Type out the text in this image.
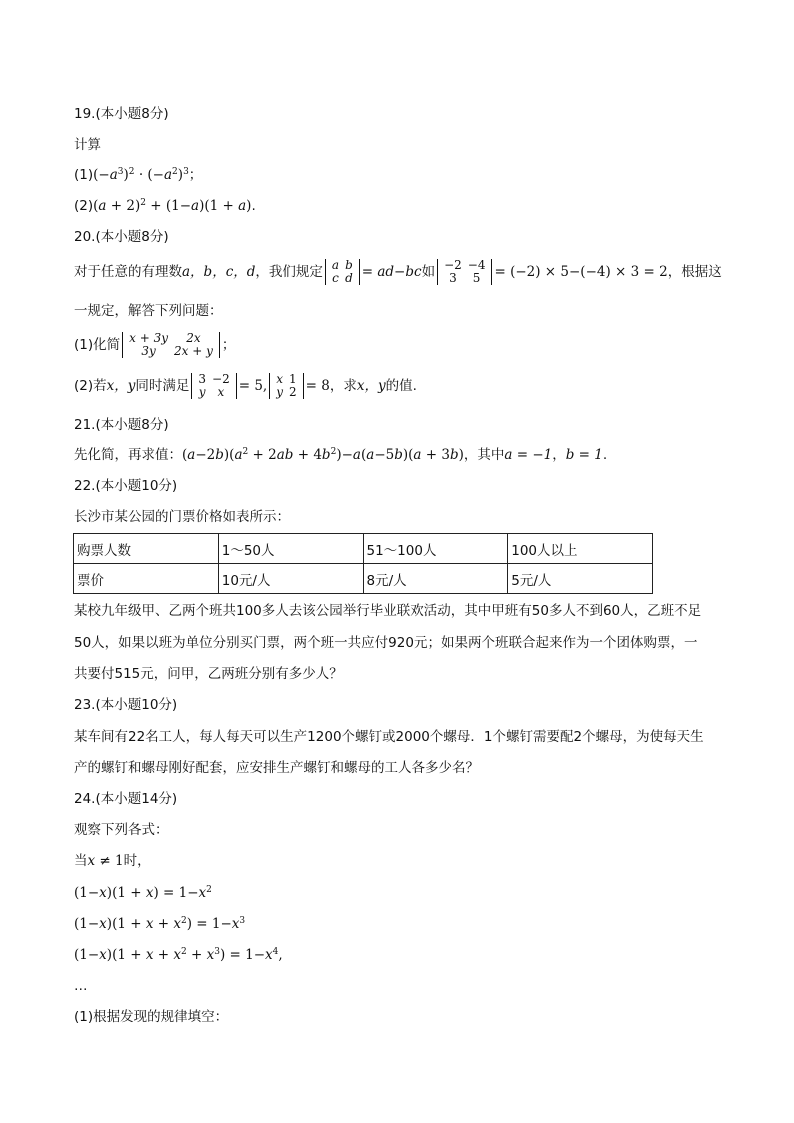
19.(本小题8分)
计算
$(1)(-a^3)^2 \cdot (-a^2)^3$；
$(2)(a + 2)^2 + (1-a)(1 + a)$.
20.(本小题8分)
对于任意的有理数a，b，c，d，我们规定 a	b
c	d = ad−bc如 −2	−4
3	5 = (−2) × 5−(−4) × 3 = 2，根据这
一规定，解答下列问题：
(1)化简 x + 3y	2x
3y	2x + y ；
(2)若x，y同时满足 3	−2
y	x = 5, x	1
y	2 = 8，求x，y的值.
21.(本小题8分)
先化简，再求值：$(a-2b)(a^2 + 2ab + 4b^2)-a(a-5b)(a + 3b)$，其中a = −1，b = 1.
22.(本小题10分)
长沙市某公园的门票价格如表所示：
购票人数	1～50人	51～100人	100人以上
票价	10元/人	8元/人	5元/人
某校九年级甲、乙两个班共100多人去该公园举行毕业联欢活动，其中甲班有50多人不到60人，乙班不足
50人，如果以班为单位分别买门票，两个班一共应付920元；如果两个班联合起来作为一个团体购票，一
共要付515元，问甲，乙两班分别有多少人？
23.(本小题10分)
某车间有22名工人，每人每天可以生产1200个螺钉或2000个螺母．1个螺钉需要配2个螺母，为使每天生
产的螺钉和螺母刚好配套，应安排生产螺钉和螺母的工人各多少名？
24.(本小题14分)
观察下列各式：
当x ≠ 1时，
$(1-x)(1 + x) = 1-x^2$
$(1-x)(1 + x + x^2) = 1-x^3$
$(1-x)(1 + x + x^2 + x^3) = 1-x^4$,
…
(1)根据发现的规律填空：
